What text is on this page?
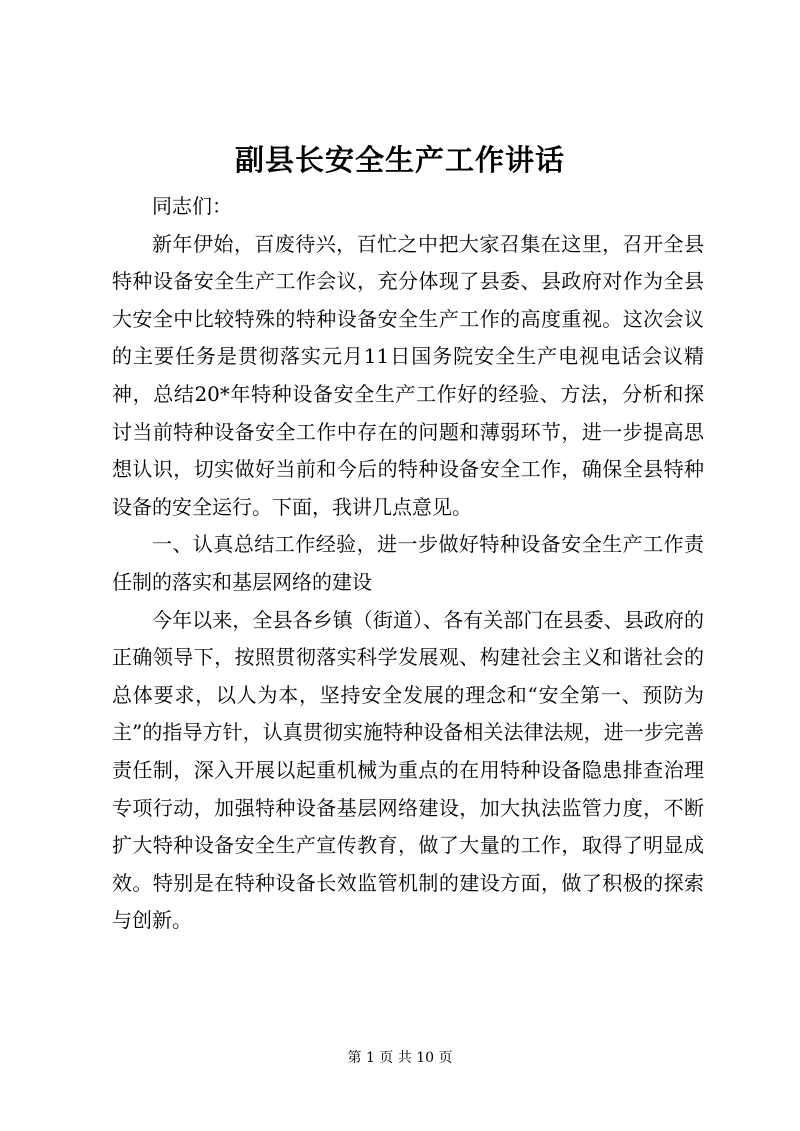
副县长安全生产工作讲话

同志们：

新年伊始，百废待兴，百忙之中把大家召集在这里，召开全县特种设备安全生产工作会议，充分体现了县委、县政府对作为全县大安全中比较特殊的特种设备安全生产工作的高度重视。这次会议的主要任务是贯彻落实元月11日国务院安全生产电视电话会议精神，总结20*年特种设备安全生产工作好的经验、方法，分析和探讨当前特种设备安全工作中存在的问题和薄弱环节，进一步提高思想认识，切实做好当前和今后的特种设备安全工作，确保全县特种设备的安全运行。下面，我讲几点意见。

一、认真总结工作经验，进一步做好特种设备安全生产工作责任制的落实和基层网络的建设

今年以来，全县各乡镇（街道）、各有关部门在县委、县政府的正确领导下，按照贯彻落实科学发展观、构建社会主义和谐社会的总体要求，以人为本，坚持安全发展的理念和“安全第一、预防为主”的指导方针，认真贯彻实施特种设备相关法律法规，进一步完善责任制，深入开展以起重机械为重点的在用特种设备隐患排查治理专项行动，加强特种设备基层网络建设，加大执法监管力度，不断扩大特种设备安全生产宣传教育，做了大量的工作，取得了明显成效。特别是在特种设备长效监管机制的建设方面，做了积极的探索与创新。

第 1 页 共 10 页
